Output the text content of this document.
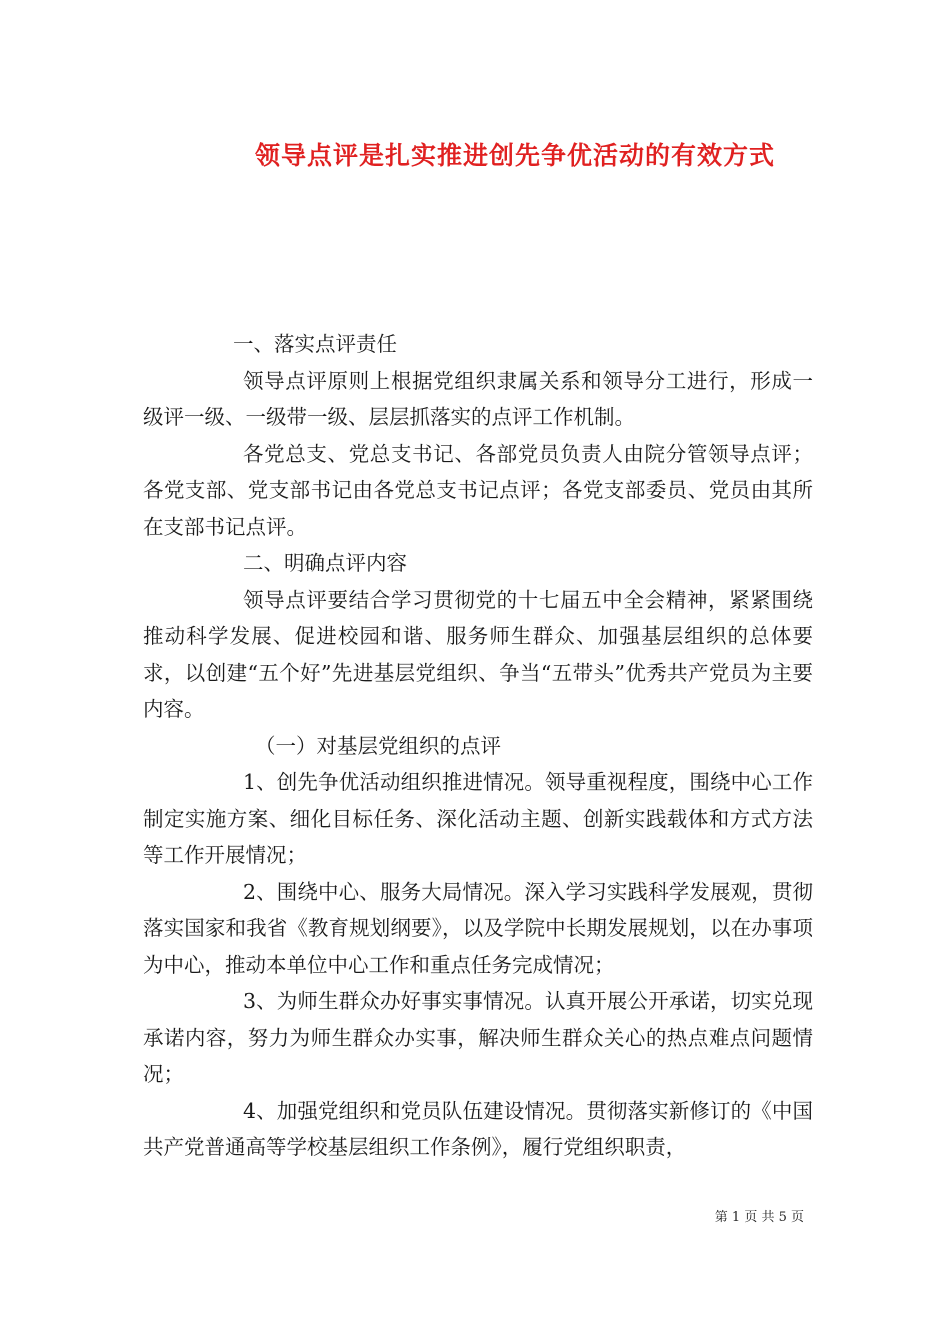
领导点评是扎实推进创先争优活动的有效方式

一、落实点评责任

领导点评原则上根据党组织隶属关系和领导分工进行，形成一级评一级、一级带一级、层层抓落实的点评工作机制。

各党总支、党总支书记、各部党员负责人由院分管领导点评；各党支部、党支部书记由各党总支书记点评；各党支部委员、党员由其所在支部书记点评。

二、明确点评内容

领导点评要结合学习贯彻党的十七届五中全会精神，紧紧围绕推动科学发展、促进校园和谐、服务师生群众、加强基层组织的总体要求，以创建“五个好”先进基层党组织、争当“五带头”优秀共产党员为主要内容。

（一）对基层党组织的点评

1、创先争优活动组织推进情况。领导重视程度，围绕中心工作制定实施方案、细化目标任务、深化活动主题、创新实践载体和方式方法等工作开展情况；

2、围绕中心、服务大局情况。深入学习实践科学发展观，贯彻落实国家和我省《教育规划纲要》，以及学院中长期发展规划，以在办事项为中心，推动本单位中心工作和重点任务完成情况；

3、为师生群众办好事实事情况。认真开展公开承诺，切实兑现承诺内容，努力为师生群众办实事，解决师生群众关心的热点难点问题情况；

4、加强党组织和党员队伍建设情况。贯彻落实新修订的《中国共产党普通高等学校基层组织工作条例》，履行党组织职责，

第 1 页 共 5 页
